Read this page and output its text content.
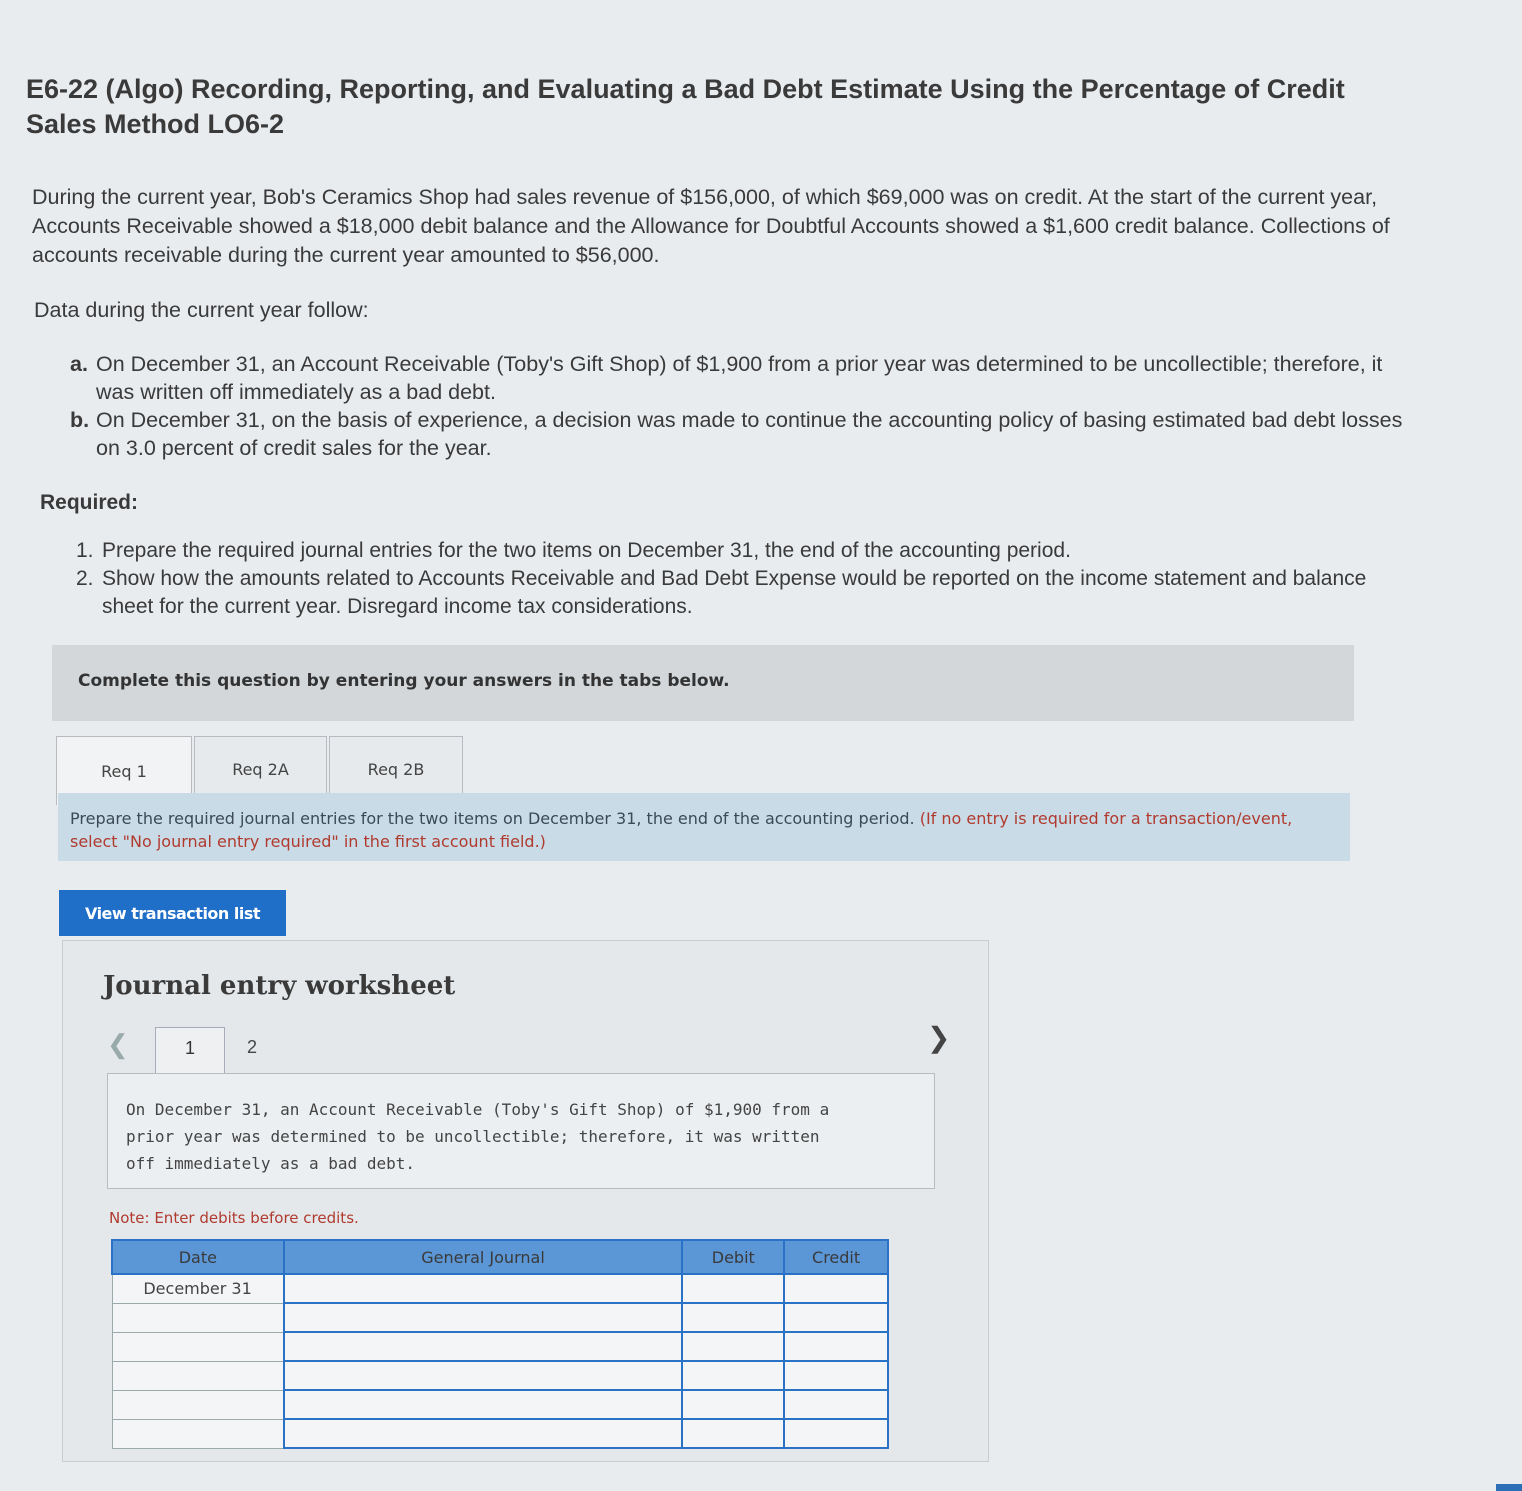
E6-22 (Algo) Recording, Reporting, and Evaluating a Bad Debt Estimate Using the Percentage of Credit Sales Method LO6-2
During the current year, Bob's Ceramics Shop had sales revenue of $156,000, of which $69,000 was on credit. At the start of the current year, Accounts Receivable showed a $18,000 debit balance and the Allowance for Doubtful Accounts showed a $1,600 credit balance. Collections of accounts receivable during the current year amounted to $56,000.
Data during the current year follow:
a. On December 31, an Account Receivable (Toby's Gift Shop) of $1,900 from a prior year was determined to be uncollectible; therefore, it was written off immediately as a bad debt.
b. On December 31, on the basis of experience, a decision was made to continue the accounting policy of basing estimated bad debt losses on 3.0 percent of credit sales for the year.
Required:
1. Prepare the required journal entries for the two items on December 31, the end of the accounting period.
2. Show how the amounts related to Accounts Receivable and Bad Debt Expense would be reported on the income statement and balance sheet for the current year. Disregard income tax considerations.
Complete this question by entering your answers in the tabs below.
Req 1	Req 2A	Req 2B
Prepare the required journal entries for the two items on December 31, the end of the accounting period. (If no entry is required for a transaction/event, select "No journal entry required" in the first account field.)
View transaction list
Journal entry worksheet
❮	1	2	❯
On December 31, an Account Receivable (Toby's Gift Shop) of $1,900 from a prior year was determined to be uncollectible; therefore, it was written off immediately as a bad debt.
Note: Enter debits before credits.
Date	General Journal	Debit	Credit
December 31			
